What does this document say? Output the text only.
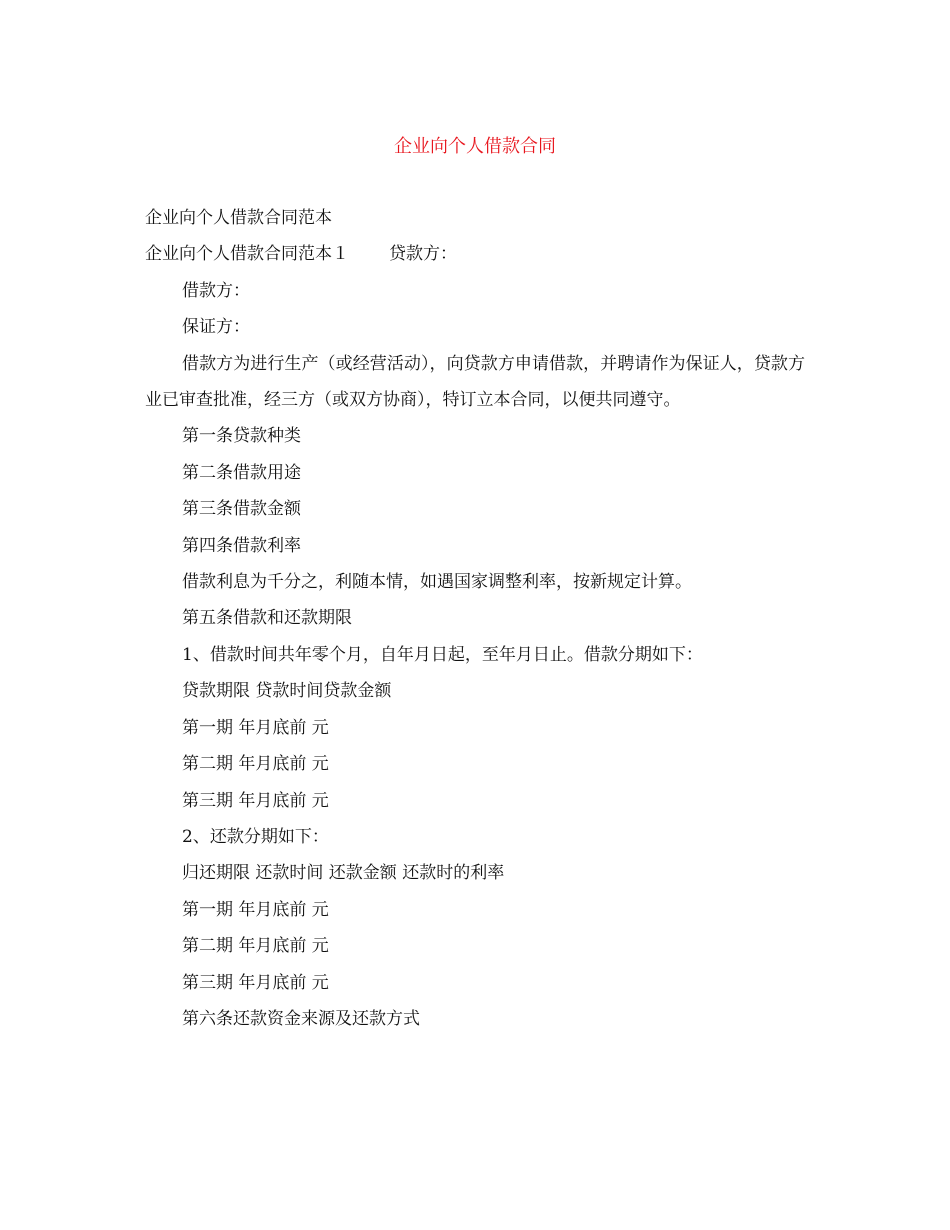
企业向个人借款合同

企业向个人借款合同范本

企业向个人借款合同范本１ 贷款方：

借款方：

保证方：

借款方为进行生产（或经营活动），向贷款方申请借款，并聘请作为保证人，贷款方业已审查批准，经三方（或双方协商），特订立本合同，以便共同遵守。

第一条贷款种类

第二条借款用途

第三条借款金额

第四条借款利率

借款利息为千分之，利随本情，如遇国家调整利率，按新规定计算。

第五条借款和还款期限

1、借款时间共年零个月，自年月日起，至年月日止。借款分期如下：

贷款期限 贷款时间贷款金额

第一期 年月底前 元

第二期 年月底前 元

第三期 年月底前 元

2、还款分期如下：

归还期限 还款时间 还款金额 还款时的利率

第一期 年月底前 元

第二期 年月底前 元

第三期 年月底前 元

第六条还款资金来源及还款方式
